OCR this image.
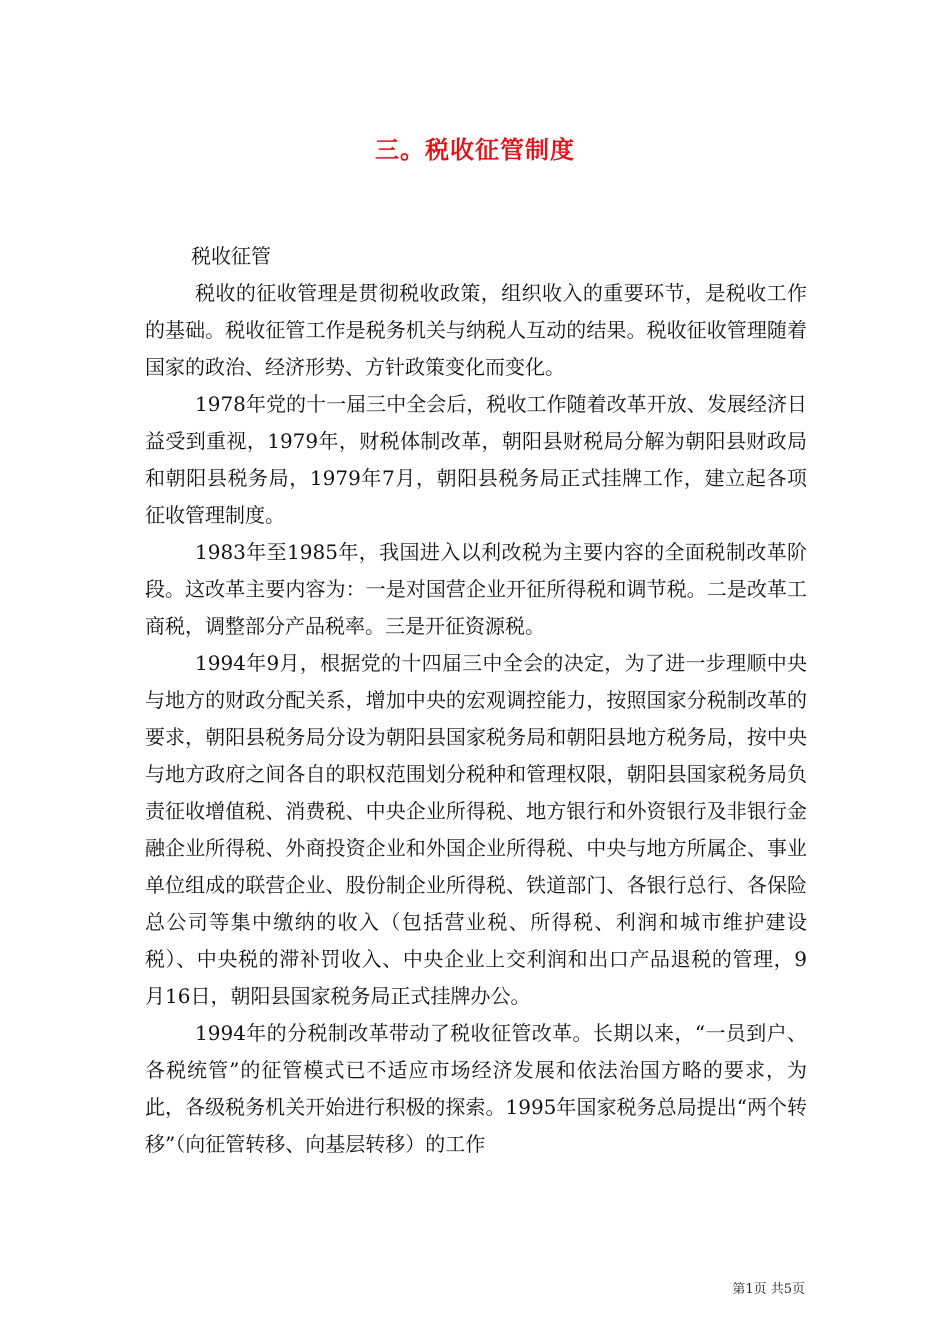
三。税收征管制度

税收征管

税收的征收管理是贯彻税收政策，组织收入的重要环节，是税收工作的基础。税收征管工作是税务机关与纳税人互动的结果。税收征收管理随着国家的政治、经济形势、方针政策变化而变化。

1978年党的十一届三中全会后，税收工作随着改革开放、发展经济日益受到重视，1979年，财税体制改革，朝阳县财税局分解为朝阳县财政局和朝阳县税务局，1979年7月，朝阳县税务局正式挂牌工作，建立起各项征收管理制度。

1983年至1985年，我国进入以利改税为主要内容的全面税制改革阶段。这改革主要内容为：一是对国营企业开征所得税和调节税。二是改革工商税，调整部分产品税率。三是开征资源税。

1994年9月，根据党的十四届三中全会的决定，为了进一步理顺中央与地方的财政分配关系，增加中央的宏观调控能力，按照国家分税制改革的要求，朝阳县税务局分设为朝阳县国家税务局和朝阳县地方税务局，按中央与地方政府之间各自的职权范围划分税种和管理权限，朝阳县国家税务局负责征收增值税、消费税、中央企业所得税、地方银行和外资银行及非银行金融企业所得税、外商投资企业和外国企业所得税、中央与地方所属企、事业单位组成的联营企业、股份制企业所得税、铁道部门、各银行总行、各保险总公司等集中缴纳的收入（包括营业税、所得税、利润和城市维护建设税）、中央税的滞补罚收入、中央企业上交利润和出口产品退税的管理，9月16日，朝阳县国家税务局正式挂牌办公。

1994年的分税制改革带动了税收征管改革。长期以来，“一员到户、各税统管”的征管模式已不适应市场经济发展和依法治国方略的要求，为此，各级税务机关开始进行积极的探索。1995年国家税务总局提出“两个转移”（向征管转移、向基层转移）的工作

第1页 共5页
